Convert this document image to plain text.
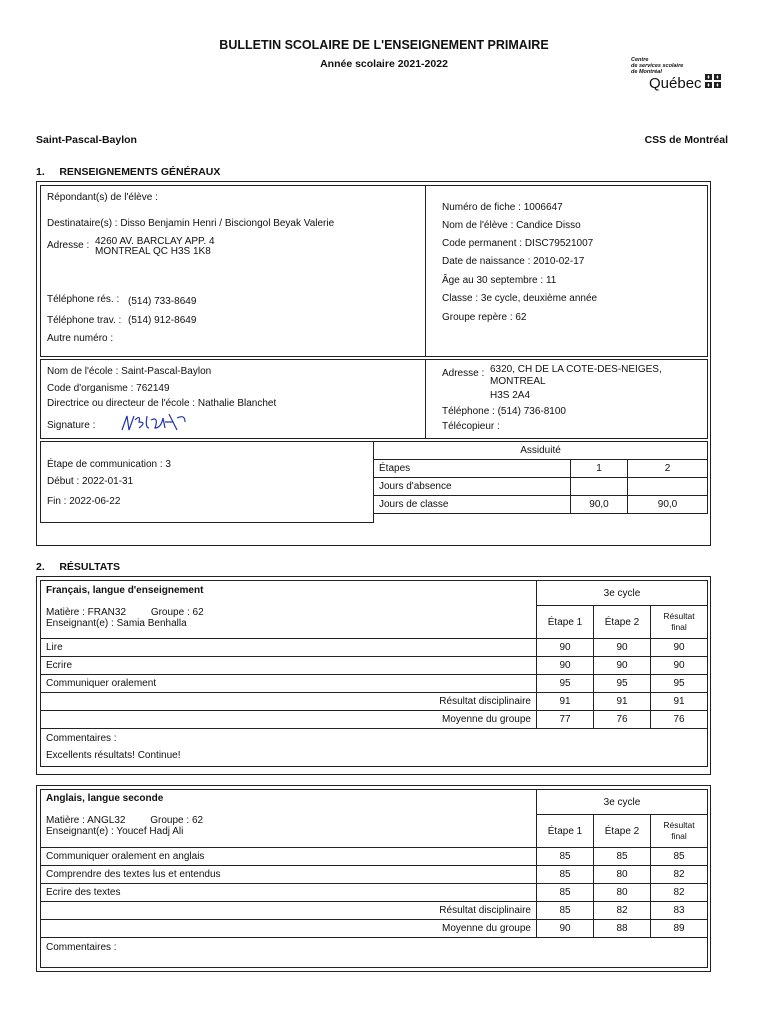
BULLETIN SCOLAIRE DE L'ENSEIGNEMENT PRIMAIRE
Année scolaire 2021-2022	Centre
de services scolaire
de Montréal
Québec
Saint-Pascal-Baylon	CSS de Montréal
1.     RENSEIGNEMENTS GÉNÉRAUX
Répondant(s) de l'élève :
Destinataire(s) : Disso Benjamin Henri / Bisciongol Beyak Valerie
Adresse : 4260 AV. BARCLAY APP. 4
MONTREAL QC H3S 1K8
Téléphone rés. : (514) 733-8649
Téléphone trav. : (514) 912-8649
Autre numéro :
Numéro de fiche : 1006647
Nom de l'élève : Candice Disso
Code permanent : DISC79521007
Date de naissance : 2010-02-17
Âge au 30 septembre : 11
Classe : 3e cycle, deuxième année
Groupe repère : 62
Nom de l'école : Saint-Pascal-Baylon
Code d'organisme : 762149
Directrice ou directeur de l'école : Nathalie Blanchet
Signature :
Adresse : 6320, CH DE LA COTE-DES-NEIGES,
MONTREAL
H3S 2A4
Téléphone : (514) 736-8100
Télécopieur :
Étape de communication : 3
Début : 2022-01-31
Fin : 2022-06-22
Assiduité		
Étapes	1	2
Jours d'absence		
Jours de classe	90,0	90,0
2.     RÉSULTATS
Français, langue d'enseignement
Matière : FRAN32 Groupe : 62
Enseignant(e) : Samia Benhalla	3e cycle		
	Étape 1	Étape 2	Résultat
final

Lire	90	90	90
Ecrire	90	90	90
Communiquer oralement	95	95	95
Résultat disciplinaire	91	91	91
Moyenne du groupe	77	76	76

Commentaires :
Excellents résultats! Continue!			
Anglais, langue seconde
Matière : ANGL32 Groupe : 62
Enseignant(e) : Youcef Hadj Ali	3e cycle		
	Étape 1	Étape 2	Résultat
final

Communiquer oralement en anglais	85	85	85
Comprendre des textes lus et entendus	85	80	82
Ecrire des textes	85	80	82
Résultat disciplinaire	85	82	83
Moyenne du groupe	90	88	89

Commentaires :			
